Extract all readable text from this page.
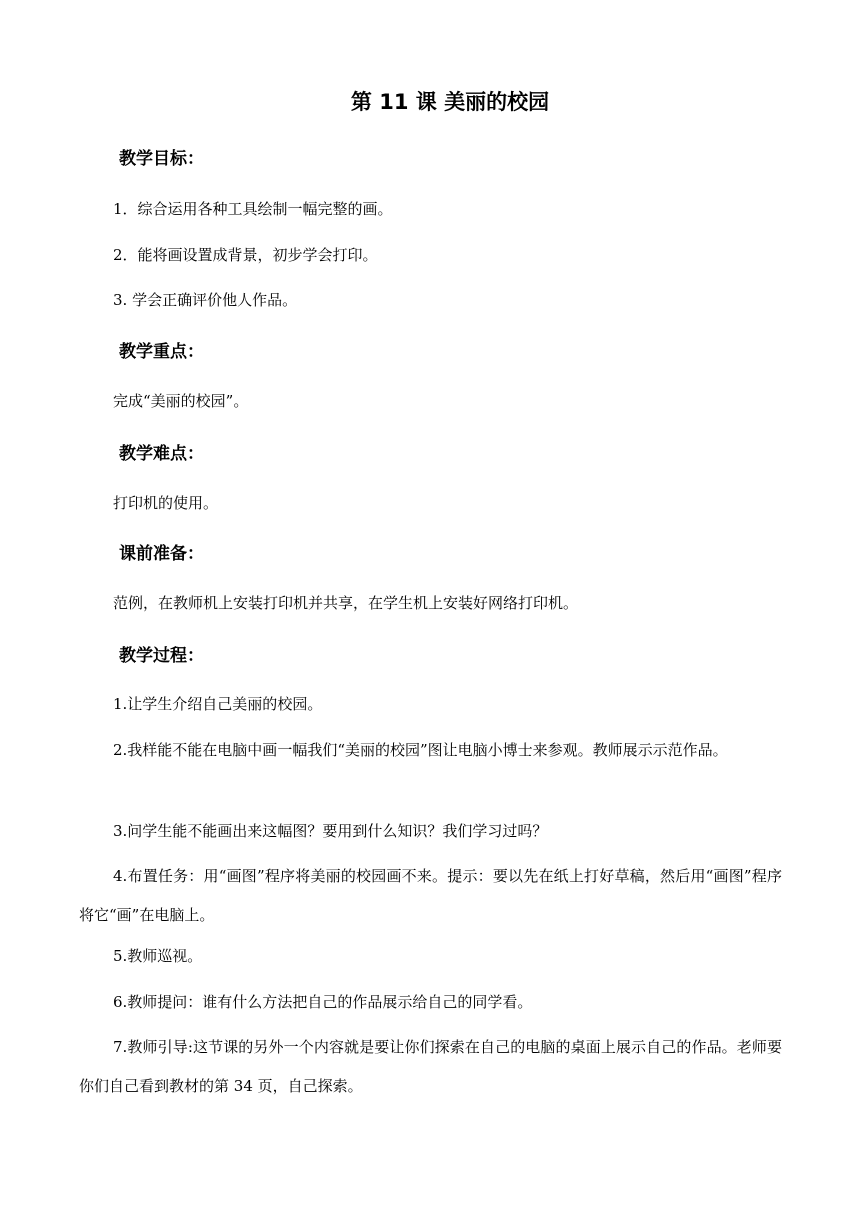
第 11 课 美丽的校园
教学目标：
1．综合运用各种工具绘制一幅完整的画。
2．能将画设置成背景，初步学会打印。
3. 学会正确评价他人作品。
教学重点：
完成“美丽的校园”。
教学难点：
打印机的使用。
课前准备：
范例，在教师机上安装打印机并共享，在学生机上安装好网络打印机。
教学过程：
1.让学生介绍自己美丽的校园。
2.我样能不能在电脑中画一幅我们“美丽的校园”图让电脑小博士来参观。教师展示示范作品。
3.问学生能不能画出来这幅图？要用到什么知识？我们学习过吗？
4.布置任务：用“画图”程序将美丽的校园画不来。提示：要以先在纸上打好草稿，然后用“画图”程序将它“画”在电脑上。
5.教师巡视。
6.教师提问：谁有什么方法把自己的作品展示给自己的同学看。
7.教师引导:这节课的另外一个内容就是要让你们探索在自己的电脑的桌面上展示自己的作品。老师要你们自己看到教材的第 34 页，自己探索。
